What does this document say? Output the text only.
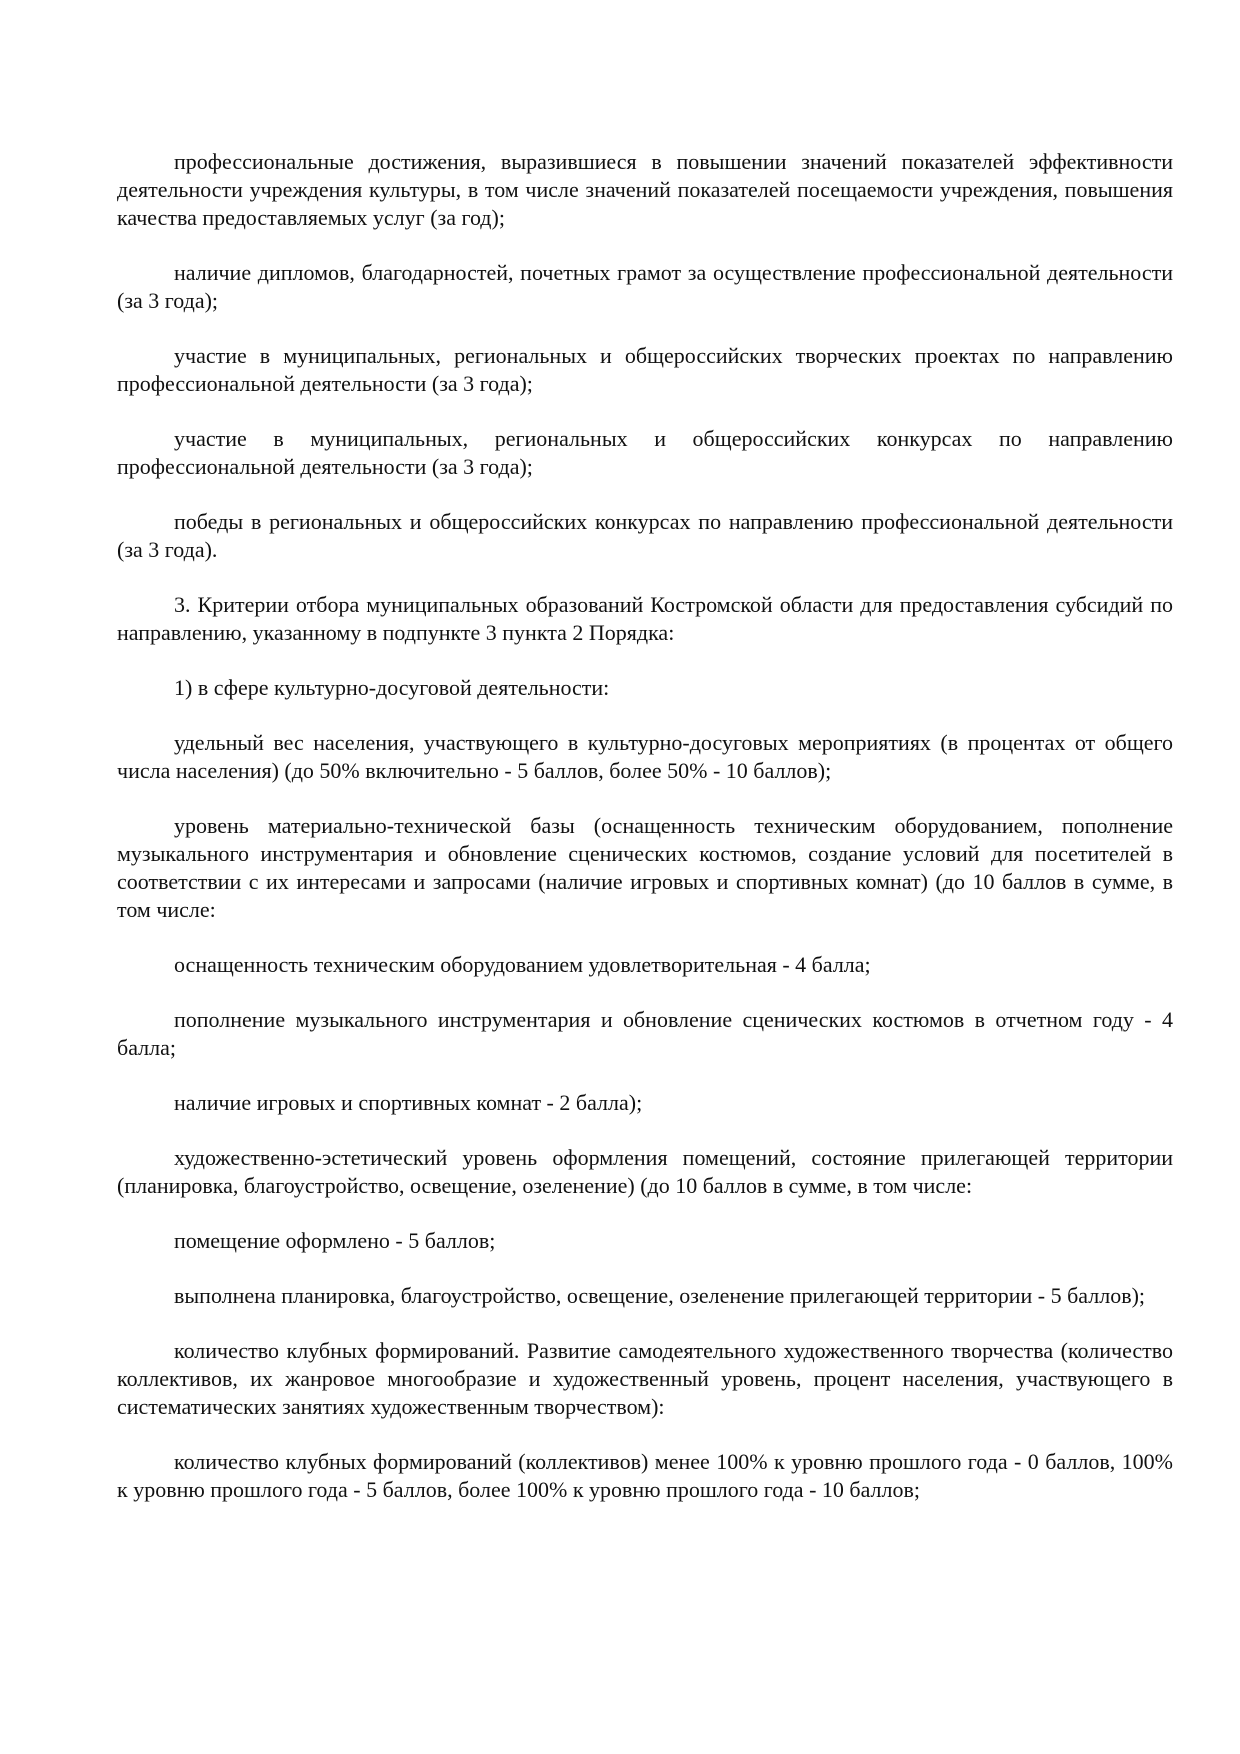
профессиональные достижения, выразившиеся в повышении значений показателей эффективности деятельности учреждения культуры, в том числе значений показателей посещаемости учреждения, повышения качества предоставляемых услуг (за год);

наличие дипломов, благодарностей, почетных грамот за осуществление профессиональной деятельности (за 3 года);

участие в муниципальных, региональных и общероссийских творческих проектах по направлению профессиональной деятельности (за 3 года);

участие в муниципальных, региональных и общероссийских конкурсах по направлению профессиональной деятельности (за 3 года);

победы в региональных и общероссийских конкурсах по направлению профессиональной деятельности (за 3 года).

3. Критерии отбора муниципальных образований Костромской области для предоставления субсидий по направлению, указанному в подпункте 3 пункта 2 Порядка:

1) в сфере культурно-досуговой деятельности:

удельный вес населения, участвующего в культурно-досуговых мероприятиях (в процентах от общего числа населения) (до 50% включительно - 5 баллов, более 50% - 10 баллов);

уровень материально-технической базы (оснащенность техническим оборудованием, пополнение музыкального инструментария и обновление сценических костюмов, создание условий для посетителей в соответствии с их интересами и запросами (наличие игровых и спортивных комнат) (до 10 баллов в сумме, в том числе:

оснащенность техническим оборудованием удовлетворительная - 4 балла;

пополнение музыкального инструментария и обновление сценических костюмов в отчетном году - 4 балла;

наличие игровых и спортивных комнат - 2 балла);

художественно-эстетический уровень оформления помещений, состояние прилегающей территории (планировка, благоустройство, освещение, озеленение) (до 10 баллов в сумме, в том числе:

помещение оформлено - 5 баллов;

выполнена планировка, благоустройство, освещение, озеленение прилегающей территории - 5 баллов);

количество клубных формирований. Развитие самодеятельного художественного творчества (количество коллективов, их жанровое многообразие и художественный уровень, процент населения, участвующего в систематических занятиях художественным творчеством):

количество клубных формирований (коллективов) менее 100% к уровню прошлого года - 0 баллов, 100% к уровню прошлого года - 5 баллов, более 100% к уровню прошлого года - 10 баллов;
